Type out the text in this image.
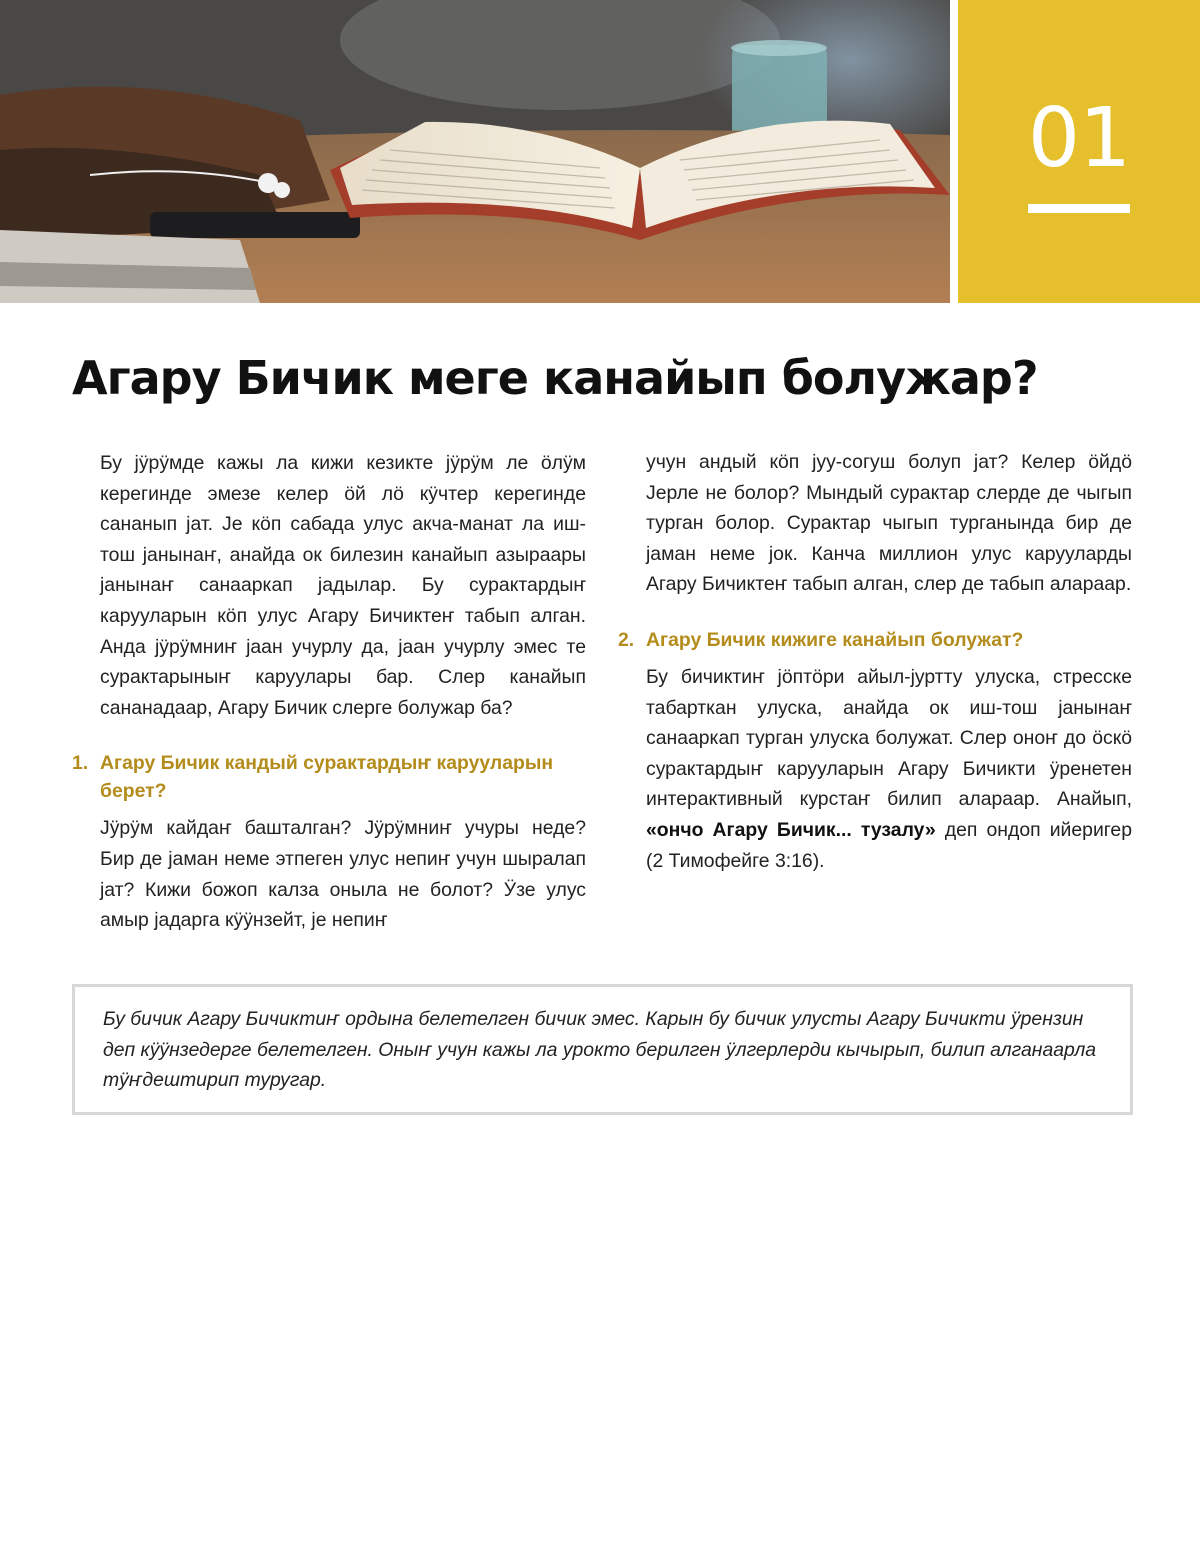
01
Агару Бичик меге канайып болужар?

Бу јӱрӱмде кажы ла кижи кезикте јӱрӱм ле ӧлӱм керегинде эмезе келер ӧй лӧ кӱчтер керегинде сананып јат. Је кӧп сабада улус акча-манат ла иш-тош јанынаҥ, анайда ок билезин канайып азыраары јанынаҥ санааркап јадылар. Бу сурактардыҥ карууларын кӧп улус Агару Бичиктеҥ табып алган. Анда јӱрӱмниҥ јаан учурлу да, јаан учурлу эмес те сурактарыныҥ каруулары бар. Слер канайып сананадаар, Агару Бичик слерге болужар ба?

1. Агару Бичик кандый сурактардыҥ карууларын берет?

Јӱрӱм кайдаҥ башталган? Јӱрӱмниҥ учуры неде? Бир де јаман неме этпеген улус непиҥ учун шыралап јат? Кижи божоп калза онылa не болот? Ӱзе улус амыр јадарга кӱӱнзейт, је непиҥ

учун андый кӧп јуу-согуш болуп јат? Келер ӧйдӧ Јерле не болор? Мындый сурактар слерде де чыгып турган болор. Сурактар чыгып турганында бир де јаман неме јок. Канча миллион улус карууларды Агару Бичиктеҥ табып алган, слер де табып алараар.

2. Агару Бичик кижиге канайып болужат?

Бу бичиктиҥ јӧптӧри айыл-јуртту улуска, стресске табарткан улуска, анайда ок иш-тош јанынаҥ санааркап турган улуска болужат. Слер онoҥ до ӧскӧ сурактардыҥ карууларын Агару Бичикти ӱренетен интерактивный курстаҥ билип алараар. Анайып, «ончо Агару Бичик... тузалу» деп ондоп ийеригер (2 Тимофейге 3:16).

Бу бичик Агару Бичиктиҥ ордына белетелген бичик эмес. Карын бу бичик улусты Агару Бичикти ӱрензин деп кӱӱнзедерге белетелген. Оныҥ учун кажы ла урокто берилген ӱлгерлерди кычырып, билип алганаарла тӱҥдештирип туругар.
